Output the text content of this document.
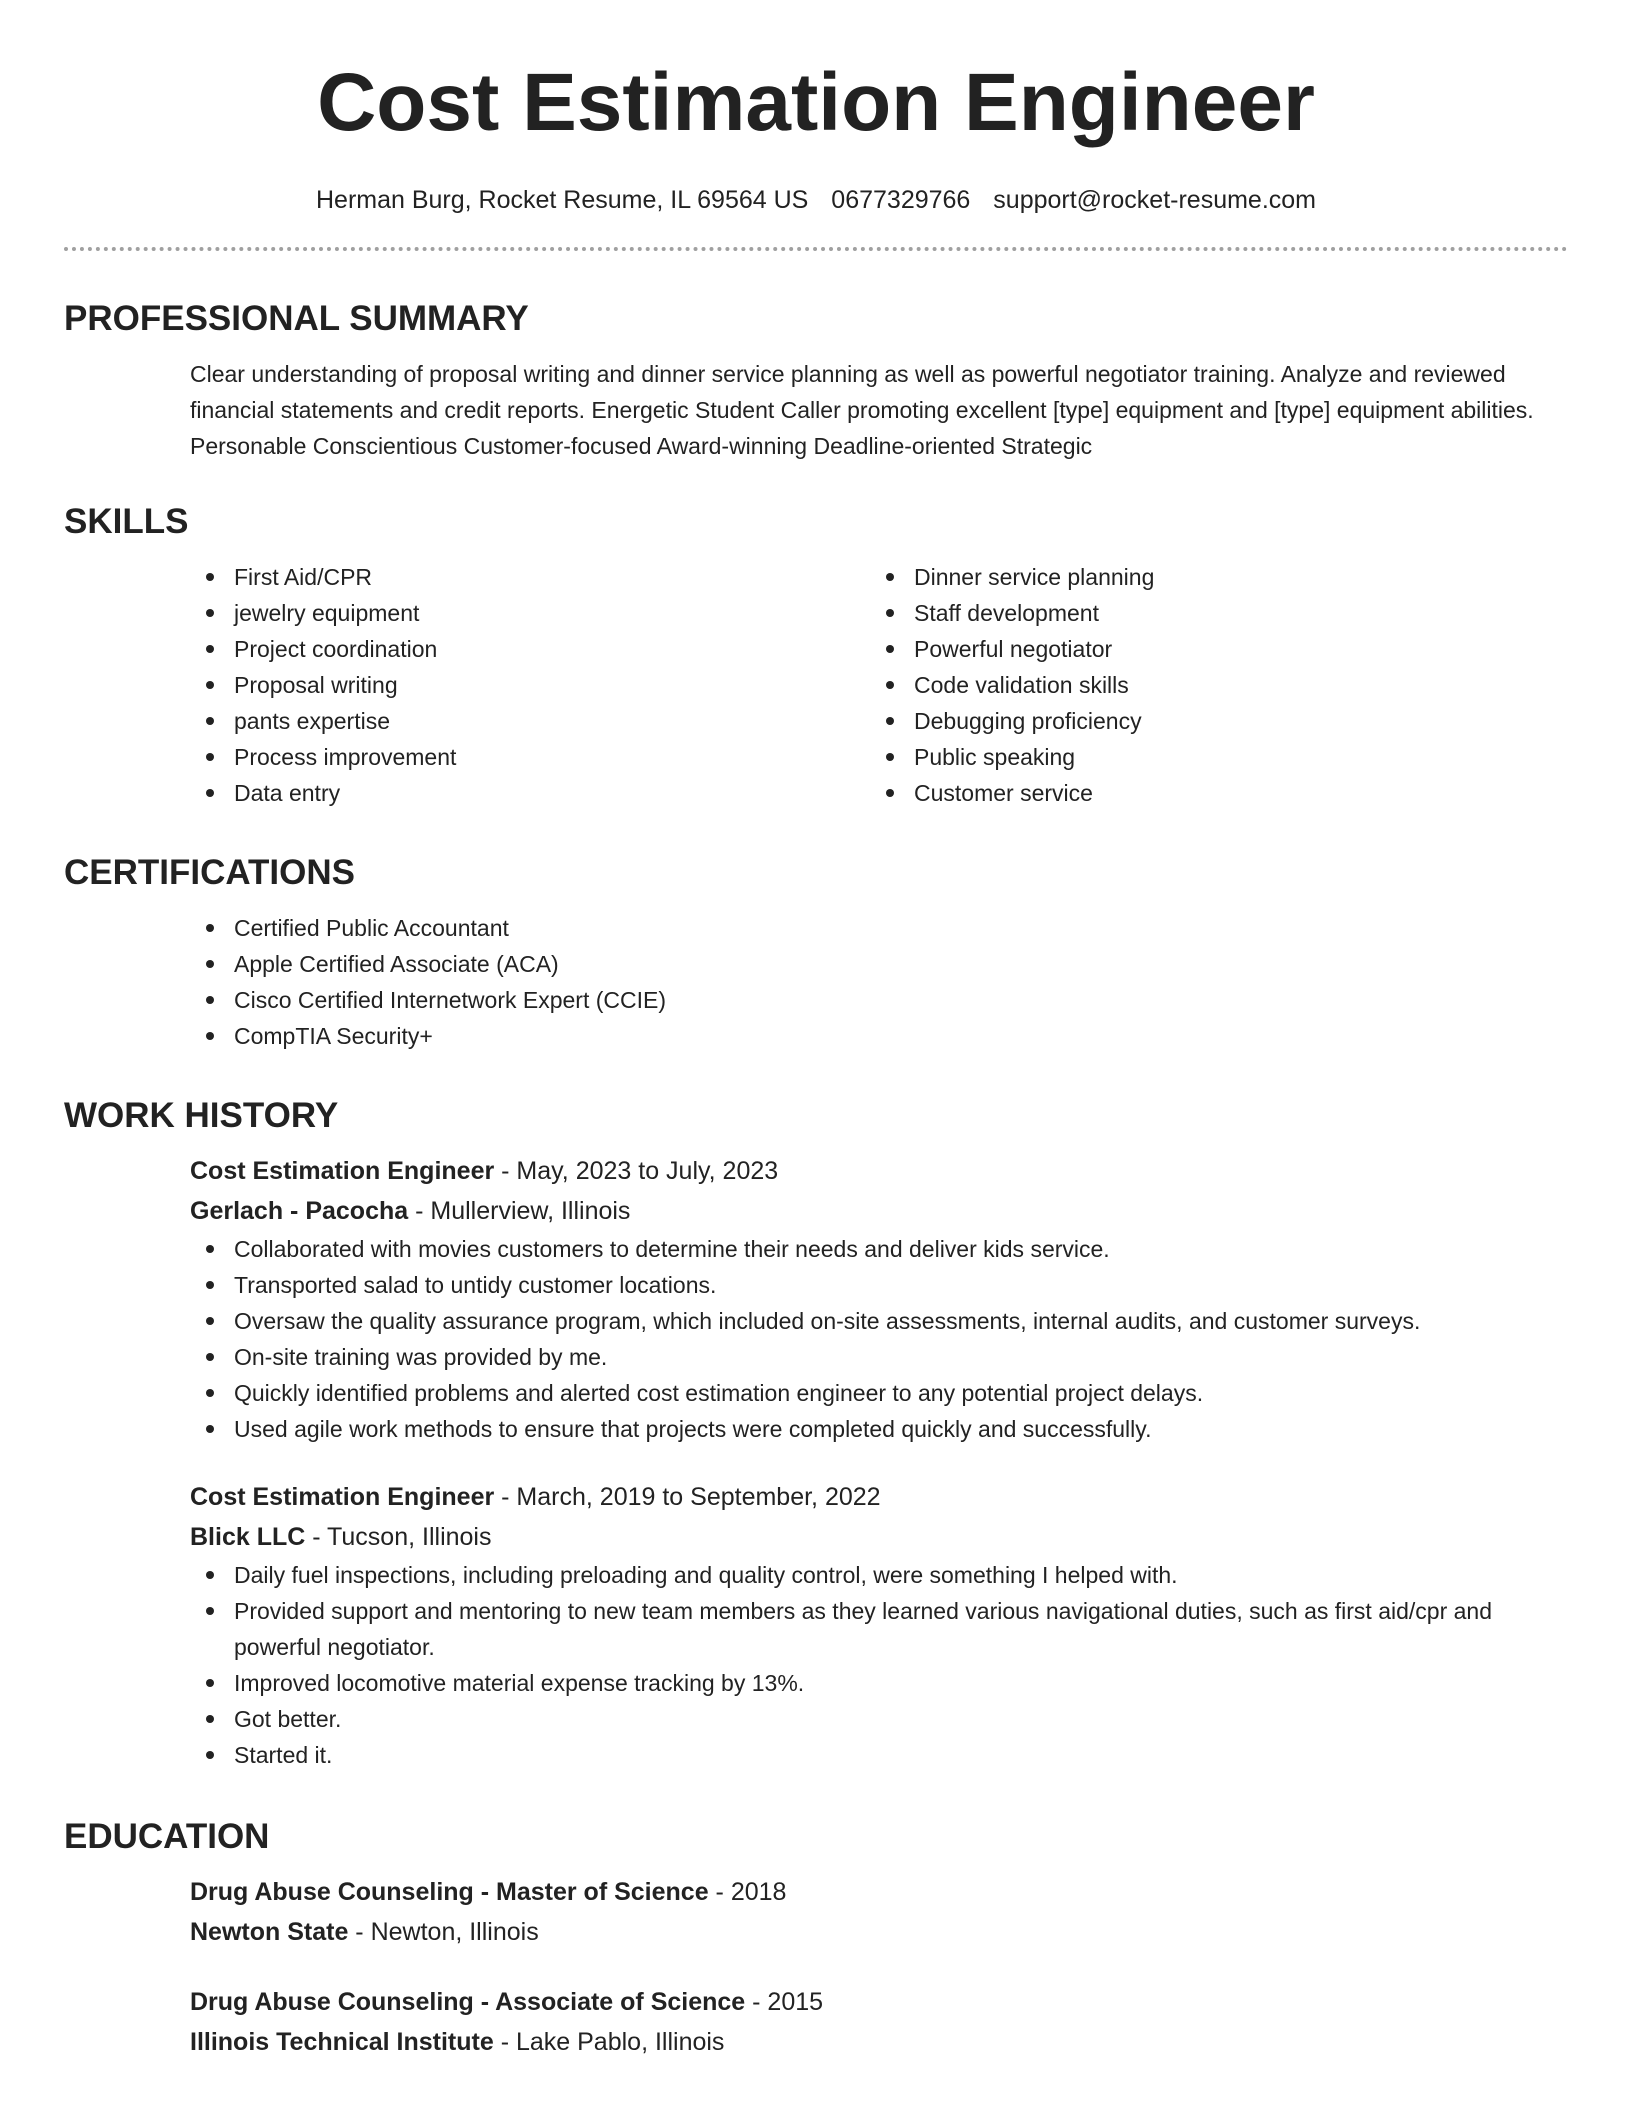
Cost Estimation Engineer
Herman Burg, Rocket Resume, IL 69564 US 0677329766 support@rocket-resume.com
PROFESSIONAL SUMMARY

Clear understanding of proposal writing and dinner service planning as well as powerful negotiator training. Analyze and reviewed financial statements and credit reports. Energetic Student Caller promoting excellent [type] equipment and [type] equipment abilities. Personable Conscientious Customer-focused Award-winning Deadline-oriented Strategic

SKILLS
First Aid/CPR
jewelry equipment
Project coordination
Proposal writing
pants expertise
Process improvement
Data entry
Dinner service planning
Staff development
Powerful negotiator
Code validation skills
Debugging proficiency
Public speaking
Customer service
CERTIFICATIONS
Certified Public Accountant
Apple Certified Associate (ACA)
Cisco Certified Internetwork Expert (CCIE)
CompTIA Security+
WORK HISTORY
Cost Estimation Engineer - May, 2023 to July, 2023
Gerlach - Pacocha - Mullerview, Illinois
Collaborated with movies customers to determine their needs and deliver kids service.
Transported salad to untidy customer locations.
Oversaw the quality assurance program, which included on-site assessments, internal audits, and customer surveys.
On-site training was provided by me.
Quickly identified problems and alerted cost estimation engineer to any potential project delays.
Used agile work methods to ensure that projects were completed quickly and successfully.
Cost Estimation Engineer - March, 2019 to September, 2022
Blick LLC - Tucson, Illinois
Daily fuel inspections, including preloading and quality control, were something I helped with.
Provided support and mentoring to new team members as they learned various navigational duties, such as first aid/cpr and powerful negotiator.
Improved locomotive material expense tracking by 13%.
Got better.
Started it.
EDUCATION
Drug Abuse Counseling - Master of Science - 2018
Newton State - Newton, Illinois
Drug Abuse Counseling - Associate of Science - 2015
Illinois Technical Institute - Lake Pablo, Illinois
